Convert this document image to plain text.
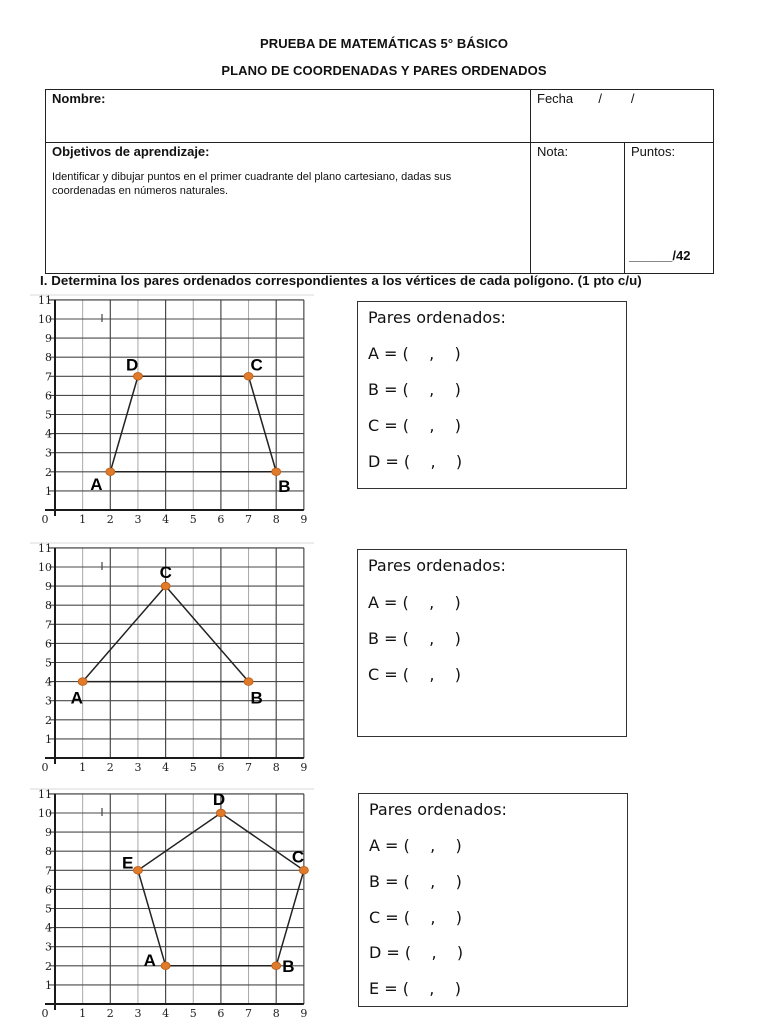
PRUEBA DE MATEMÁTICAS 5° BÁSICO
PLANO DE COORDENADAS Y PARES ORDENADOS
Nombre:	Fecha       /        /
Objetivos de aprendizaje:
Identificar y dibujar puntos en el primer cuadrante del plano cartesiano, dadas sus
coordenadas en números naturales.
Nota:	Puntos:
______/42
I. Determina los pares ordenados correspondientes a los vértices de cada polígono. (1 pto c/u)
0	1 2 3 4 5 6 7 8 9
1
2
3
4
5
6
7
8
9
10
11
A	B
C
D
0	1 2 3 4 5 6 7 8 9
1
2
3
4
5
6
7
8
9
10
11
A	B
C
0	1 2 3 4 5 6 7 8 9
1
2
3
4
5
6
7
8
9
10
11
A	B
C
D
E
Pares ordenados:
A = (    ,    )
B = (    ,    )
C = (    ,    )
D = (    ,    )
Pares ordenados:
A = (    ,    )
B = (    ,    )
C = (    ,    )
Pares ordenados:
A = (    ,    )
B = (    ,    )
C = (    ,    )
D = (    ,    )
E = (    ,    )
